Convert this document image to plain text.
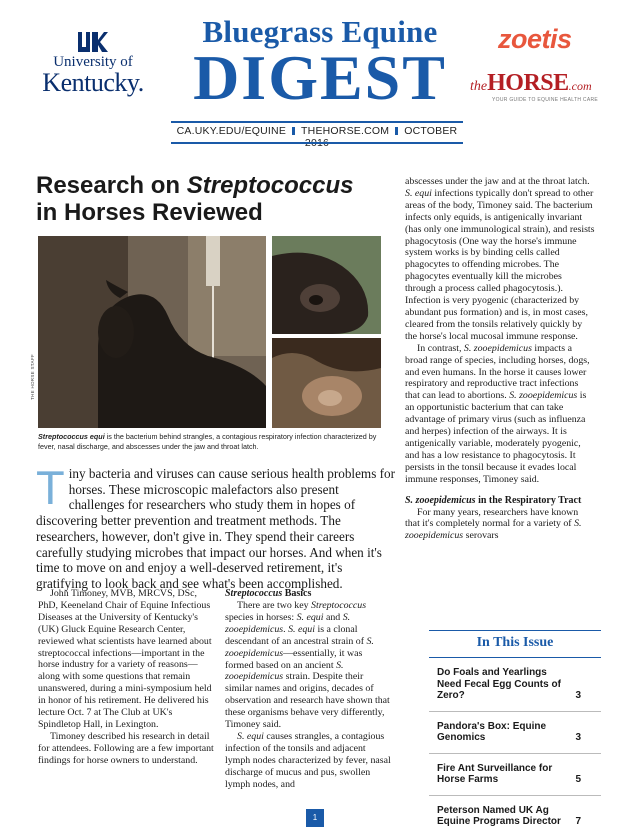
University of
Kentucky.
Bluegrass Equine
DIGEST
zoetis
theHORSE.com
YOUR GUIDE TO EQUINE HEALTH CARE
CA.UKY.EDU/EQUINE THEHORSE.COM OCTOBER
Research on Streptococcus
in Horses Reviewed
THE HORSE STAFF

Streptococcus equi is the bacterium behind strangles, a contagious respiratory infection characterized by fever, nasal discharge, and abscesses under the jaw and throat latch.

Tiny bacteria and viruses can cause serious health problems for horses. These microscopic malefactors also present challenges for researchers who study them in hopes of discovering better prevention and treatment methods. The researchers, however, don't give in. They spend their careers carefully studying microbes that impact our horses. And when it's time to move on and enjoy a well-deserved retirement, it's gratifying to look back and see what's been accomplished.

John Timoney, MVB, MRCVS, DSc, PhD, Keeneland Chair of Equine Infectious Diseases at the University of Kentucky's (UK) Gluck Equine Research Center, reviewed what scientists have learned about streptococcal infections—important in the horse industry for a variety of reasons—along with some questions that remain unanswered, during a mini-symposium held in honor of his retirement. He delivered his lecture Oct. 7 at The Club at UK's Spindletop Hall, in Lexington.

Timoney described his research in detail for attendees. Following are a few important findings for horse owners to understand.

Streptococcus Basics

There are two key Streptococcus species in horses: S. equi and S. zooepidemicus. S. equi is a clonal descendant of an ancestral strain of S. zooepidemicus—essentially, it was formed based on an ancient S. zooepidemicus strain. Despite their similar names and origins, decades of observation and research have shown that these organisms behave very differently, Timoney said.

S. equi causes strangles, a contagious infection of the tonsils and adjacent lymph nodes characterized by fever, nasal discharge of mucus and pus, swollen lymph nodes, and

abscesses under the jaw and at the throat latch. S. equi infections typically don't spread to other areas of the body, Timoney said. The bacterium infects only equids, is antigenically invariant (has only one immunological strain), and resists phagocytosis (One way the horse's immune system works is by binding cells called phagocytes to offending microbes. The phagocytes eventually kill the microbes through a process called phagocytosis.). Infection is very pyogenic (characterized by abundant pus formation) and is, in most cases, cleared from the tonsils relatively quickly by the horse's local mucosal immune response.

In contrast, S. zooepidemicus impacts a broad range of species, including horses, dogs, and even humans. In the horse it causes lower respiratory and reproductive tract infections that can lead to abortions. S. zooepidemicus is an opportunistic bacterium that can take advantage of primary virus (such as influenza and herpes) infection of the airways. It is antigenically variable, moderately pyogenic, and has a low resistance to phagocytosis. It persists in the tonsil because it evades local immune responses, Timoney said.

S. zooepidemicus in the Respiratory Tract

For many years, researchers have known that it's completely normal for a variety of S. zooepidemicus serovars

In This Issue
Do Foals and Yearlings Need Fecal Egg Counts of Zero?	3
Pandora's Box: Equine Genomics	3
Fire Ant Surveillance for Horse Farms	5
Peterson Named UK Ag Equine Programs Director	7
1
